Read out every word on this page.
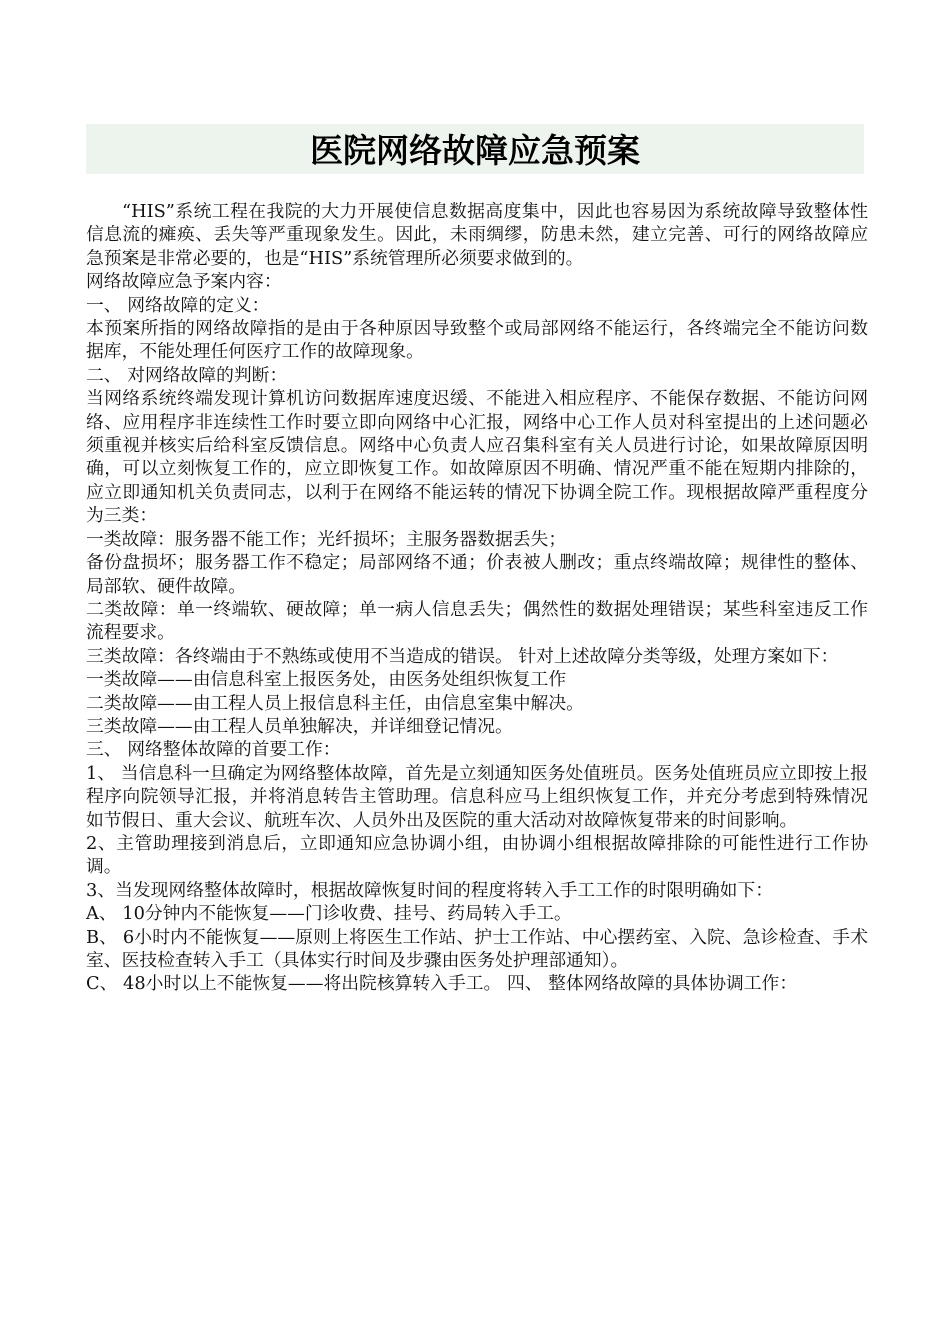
医院网络故障应急预案

“HIS”系统工程在我院的大力开展使信息数据高度集中，因此也容易因为系统故障导致整体性信息流的瘫痪、丢失等严重现象发生。因此，未雨绸缪，防患未然，建立完善、可行的网络故障应急预案是非常必要的，也是“HIS”系统管理所必须要求做到的。

网络故障应急予案内容：

一、 网络故障的定义：

本预案所指的网络故障指的是由于各种原因导致整个或局部网络不能运行，各终端完全不能访问数据库，不能处理任何医疗工作的故障现象。

二、 对网络故障的判断：

当网络系统终端发现计算机访问数据库速度迟缓、不能进入相应程序、不能保存数据、不能访问网络、应用程序非连续性工作时要立即向网络中心汇报，网络中心工作人员对科室提出的上述问题必须重视并核实后给科室反馈信息。网络中心负责人应召集科室有关人员进行讨论，如果故障原因明确，可以立刻恢复工作的，应立即恢复工作。如故障原因不明确、情况严重不能在短期内排除的，应立即通知机关负责同志，以利于在网络不能运转的情况下协调全院工作。现根据故障严重程度分为三类：

一类故障：服务器不能工作；光纤损坏；主服务器数据丢失；

备份盘损坏；服务器工作不稳定；局部网络不通；价表被人删改；重点终端故障；规律性的整体、局部软、硬件故障。

二类故障：单一终端软、硬故障；单一病人信息丢失；偶然性的数据处理错误；某些科室违反工作流程要求。

三类故障：各终端由于不熟练或使用不当造成的错误。 针对上述故障分类等级，处理方案如下：

一类故障——由信息科室上报医务处，由医务处组织恢复工作

二类故障——由工程人员上报信息科主任，由信息室集中解决。

三类故障——由工程人员单独解决，并详细登记情况。

三、 网络整体故障的首要工作：

1、 当信息科一旦确定为网络整体故障，首先是立刻通知医务处值班员。医务处值班员应立即按上报程序向院领导汇报，并将消息转告主管助理。信息科应马上组织恢复工作，并充分考虑到特殊情况如节假日、重大会议、航班车次、人员外出及医院的重大活动对故障恢复带来的时间影响。

2、主管助理接到消息后，立即通知应急协调小组，由协调小组根据故障排除的可能性进行工作协调。

3、当发现网络整体故障时，根据故障恢复时间的程度将转入手工工作的时限明确如下：

A、 10分钟内不能恢复——门诊收费、挂号、药局转入手工。

B、 6小时内不能恢复——原则上将医生工作站、护士工作站、中心摆药室、入院、急诊检查、手术室、医技检查转入手工（具体实行时间及步骤由医务处护理部通知）。

C、 48小时以上不能恢复——将出院核算转入手工。 四、 整体网络故障的具体协调工作：
